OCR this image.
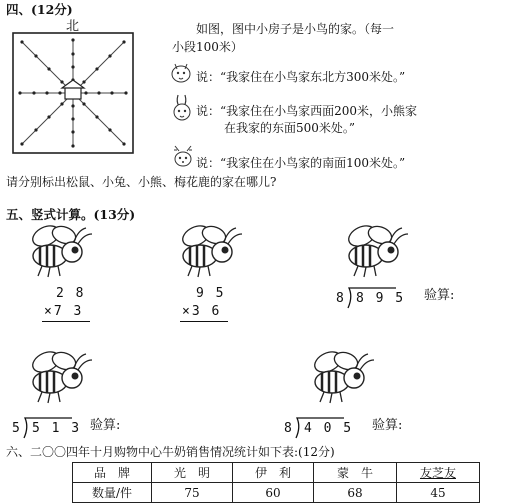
四、(12分)
北	如图，图中小房子是小鸟的家。（每一
小段100米）
说：“我家住在小鸟家东北方300米处。”
说：“我家住在小鸟家西面200米，小熊家
在我家的东面500米处。”
说：“我家住在小鸟家的南面100米处。”
请分别标出松鼠、小兔、小熊、梅花鹿的家在哪儿?
五、竖式计算。(13分)
2 8
×7 3
9 5
×3 6
8 8 9 5 验算:
5 5 1 3 验算:	8 4 0 5 验算:
六、二〇〇四年十月购物中心牛奶销售情况统计如下表:(12分)
品　牌	光　明	伊　利	蒙　牛	友芝友
数量/件	75	60	68	45
